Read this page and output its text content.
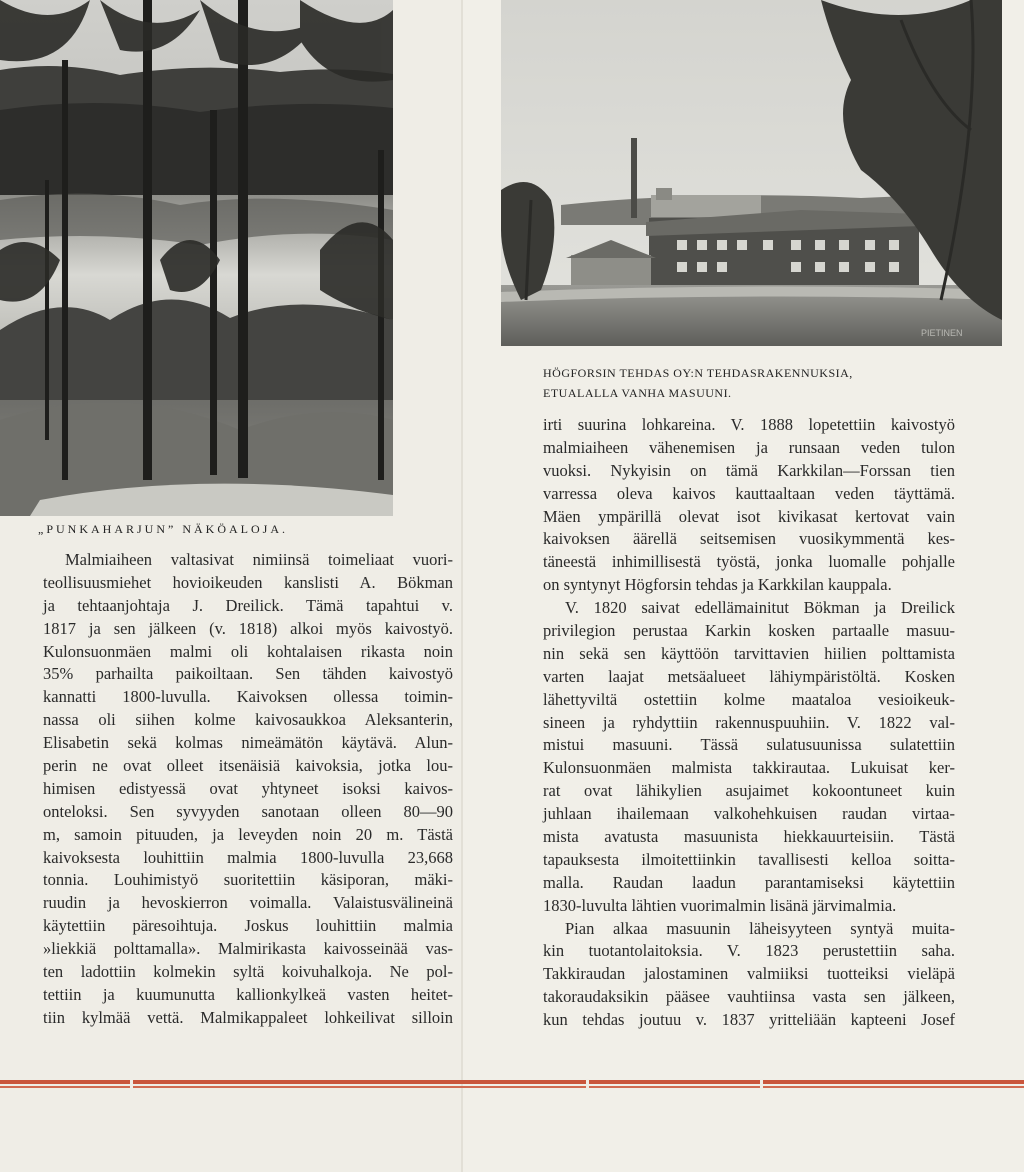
PIETINEN
„PUNKAHARJUN” NÄKÖALOJA.
HÖGFORSIN TEHDAS OY:N TEHDASRAKENNUKSIA,
ETUALALLA VANHA MASUUNI.
Malmiaiheen valtasivat nimiinsä toimeliaat vuori-
teollisuusmiehet hovioikeuden kanslisti A. Bökman
ja tehtaanjohtaja J. Dreilick. Tämä tapahtui v.
1817 ja sen jälkeen (v. 1818) alkoi myös kaivostyö.
Kulonsuonmäen malmi oli kohtalaisen rikasta noin
35% parhailta paikoiltaan. Sen tähden kaivostyö
kannatti 1800-luvulla. Kaivoksen ollessa toimin-
nassa oli siihen kolme kaivosaukkoa Aleksanterin,
Elisabetin sekä kolmas nimeämätön käytävä. Alun-
perin ne ovat olleet itsenäisiä kaivoksia, jotka lou-
himisen edistyessä ovat yhtyneet isoksi kaivos-
onteloksi. Sen syvyyden sanotaan olleen 80—90
m, samoin pituuden, ja leveyden noin 20 m. Tästä
kaivoksesta louhittiin malmia 1800-luvulla 23,668
tonnia. Louhimistyö suoritettiin käsiporan, mäki-
ruudin ja hevoskierron voimalla. Valaistusvälineinä
käytettiin päresoihtuja. Joskus louhittiin malmia
»liekkiä polttamalla». Malmirikasta kaivosseinää vas-
ten ladottiin kolmekin syltä koivuhalkoja. Ne pol-
tettiin ja kuumunutta kallionkylkeä vasten heitet-
tiin kylmää vettä. Malmikappaleet lohkeilivat silloin
irti suurina lohkareina. V. 1888 lopetettiin kaivostyö
malmiaiheen vähenemisen ja runsaan veden tulon
vuoksi. Nykyisin on tämä Karkkilan—Forssan tien
varressa oleva kaivos kauttaaltaan veden täyttämä.
Mäen ympärillä olevat isot kivikasat kertovat vain
kaivoksen äärellä seitsemisen vuosikymmentä kes-
täneestä inhimillisestä työstä, jonka luomalle pohjalle
on syntynyt Högforsin tehdas ja Karkkilan kauppala.
V. 1820 saivat edellämainitut Bökman ja Dreilick
privilegion perustaa Karkin kosken partaalle masuu-
nin sekä sen käyttöön tarvittavien hiilien polttamista
varten laajat metsäalueet lähiympäristöltä. Kosken
lähettyviltä ostettiin kolme maataloa vesioikeuk-
sineen ja ryhdyttiin rakennuspuuhiin. V. 1822 val-
mistui masuuni. Tässä sulatusuunissa sulatettiin
Kulonsuonmäen malmista takkirautaa. Lukuisat ker-
rat ovat lähikylien asujaimet kokoontuneet kuin
juhlaan ihailemaan valkohehkuisen raudan virtaa-
mista avatusta masuunista hiekkauurteisiin. Tästä
tapauksesta ilmoitettiinkin tavallisesti kelloa soitta-
malla. Raudan laadun parantamiseksi käytettiin
1830-luvulta lähtien vuorimalmin lisänä järvimalmia.
Pian alkaa masuunin läheisyyteen syntyä muita-
kin tuotantolaitoksia. V. 1823 perustettiin saha.
Takkiraudan jalostaminen valmiiksi tuotteiksi vieläpä
takoraudaksikin pääsee vauhtiinsa vasta sen jälkeen,
kun tehdas joutuu v. 1837 yritteliään kapteeni Josef
